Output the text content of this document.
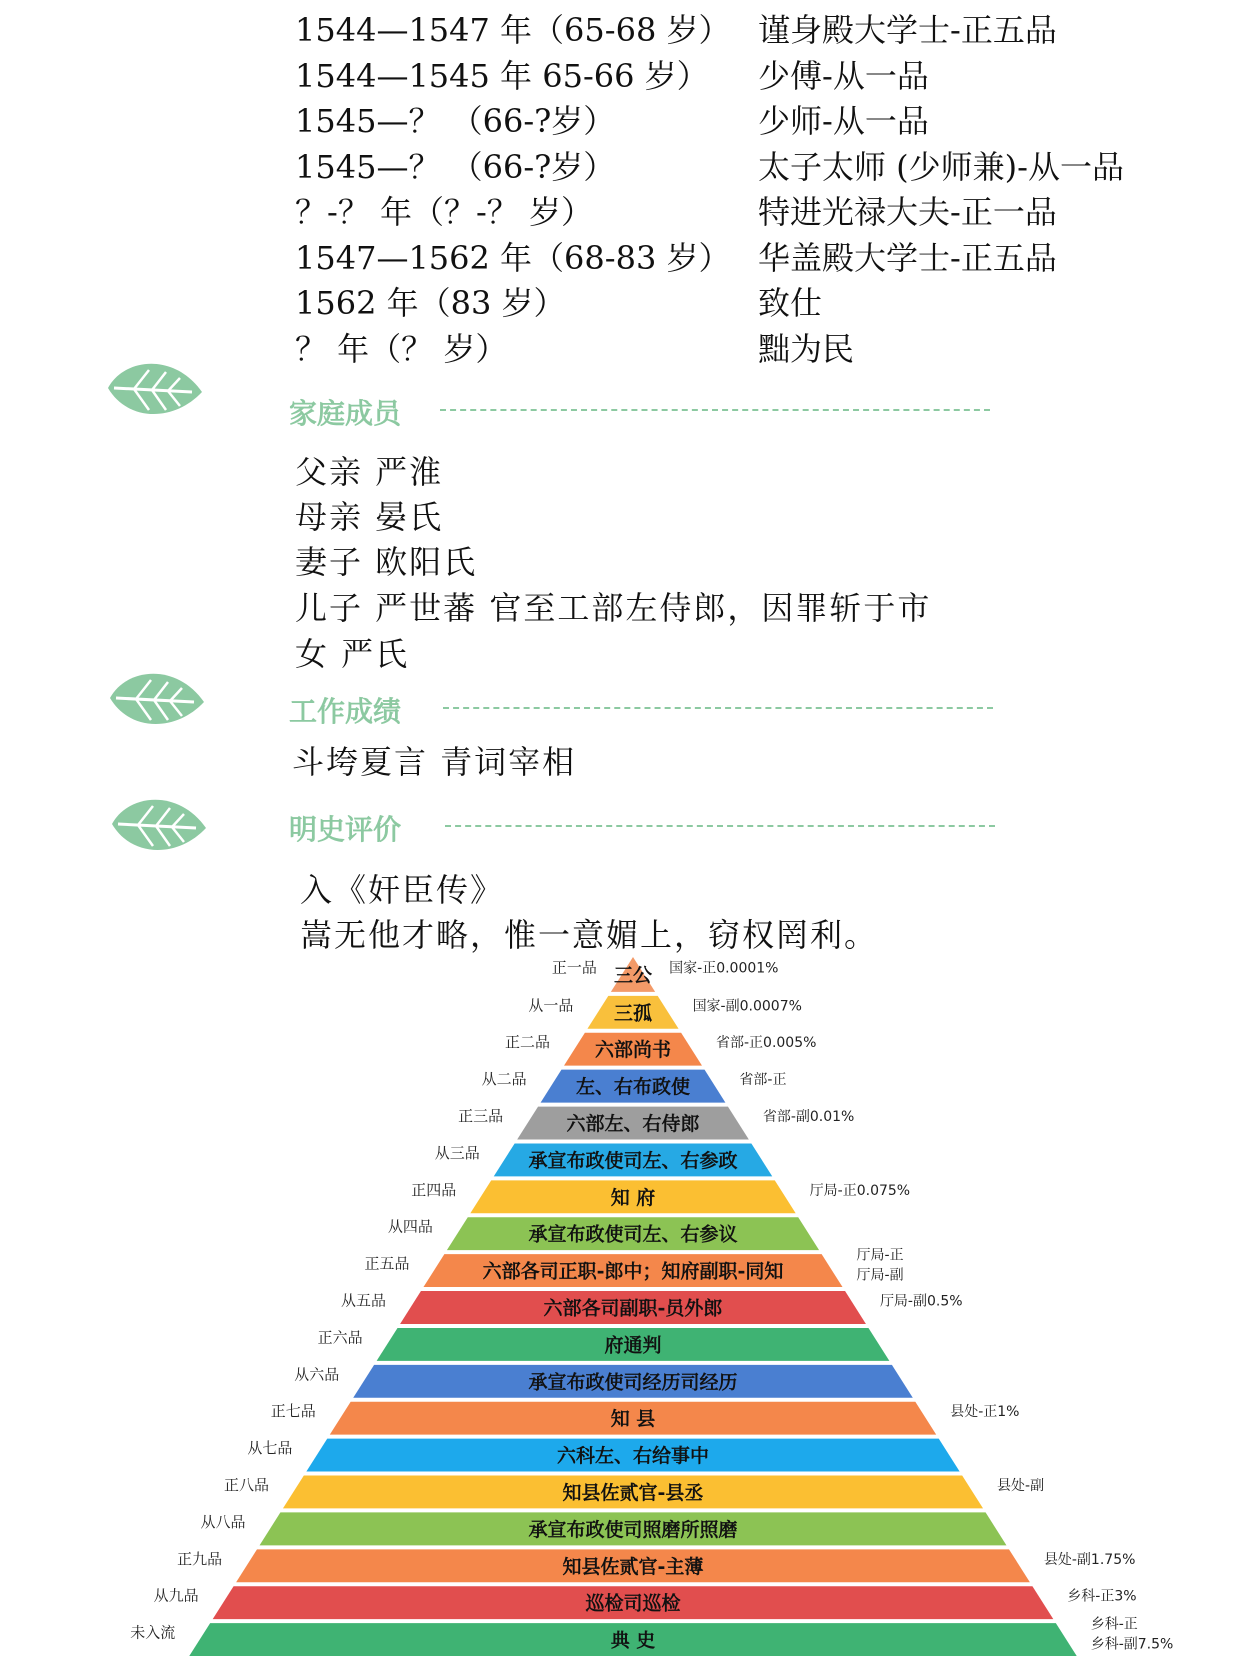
1544—1547 年（65-68 岁） 谨身殿大学士-正五品
1544—1545 年 65-66 岁） 少傅-从一品
1545—？ （66-?岁）	少师-从一品
1545—？ （66-?岁）	太子太师 (少师兼)-从一品
？-？ 年（？-？ 岁）	特进光禄大夫-正一品
1547—1562 年（68-83 岁） 华盖殿大学士-正五品
1562 年（83 岁）	致仕
？ 年（？ 岁）	黜为民
家庭成员
父亲 严淮
母亲 晏氏
妻子 欧阳氏
儿子 严世蕃 官至工部左侍郎，因罪斩于市
女 严氏
工作成绩
斗垮夏言 青词宰相
明史评价
入《奸臣传》
嵩无他才略，惟一意媚上，窃权罔利。
三公
正一品	国家-正0.0001%
三孤
从一品	国家-副0.0007%
六部尚书
正二品	省部-正0.005%
左、右布政使
从二品	省部-正
六部左、右侍郎
正三品	省部-副0.01%
承宣布政使司左、右参政
从三品
知 府
正四品	厅局-正0.075%
承宣布政使司左、右参议
从四品
六部各司正职-郎中；知府副职-同知
正五品	厅局-正
厅局-副
六部各司副职-员外郎
从五品	厅局-副0.5%
府通判
正六品
承宣布政使司经历司经历
从六品
知 县
正七品	县处-正1%
六科左、右给事中
从七品
知县佐贰官-县丞
正八品	县处-副
承宣布政使司照磨所照磨
从八品
知县佐贰官-主薄
正九品	县处-副1.75%
巡检司巡检
从九品	乡科-正3%
典 史
未入流	乡科-正
乡科-副7.5%
